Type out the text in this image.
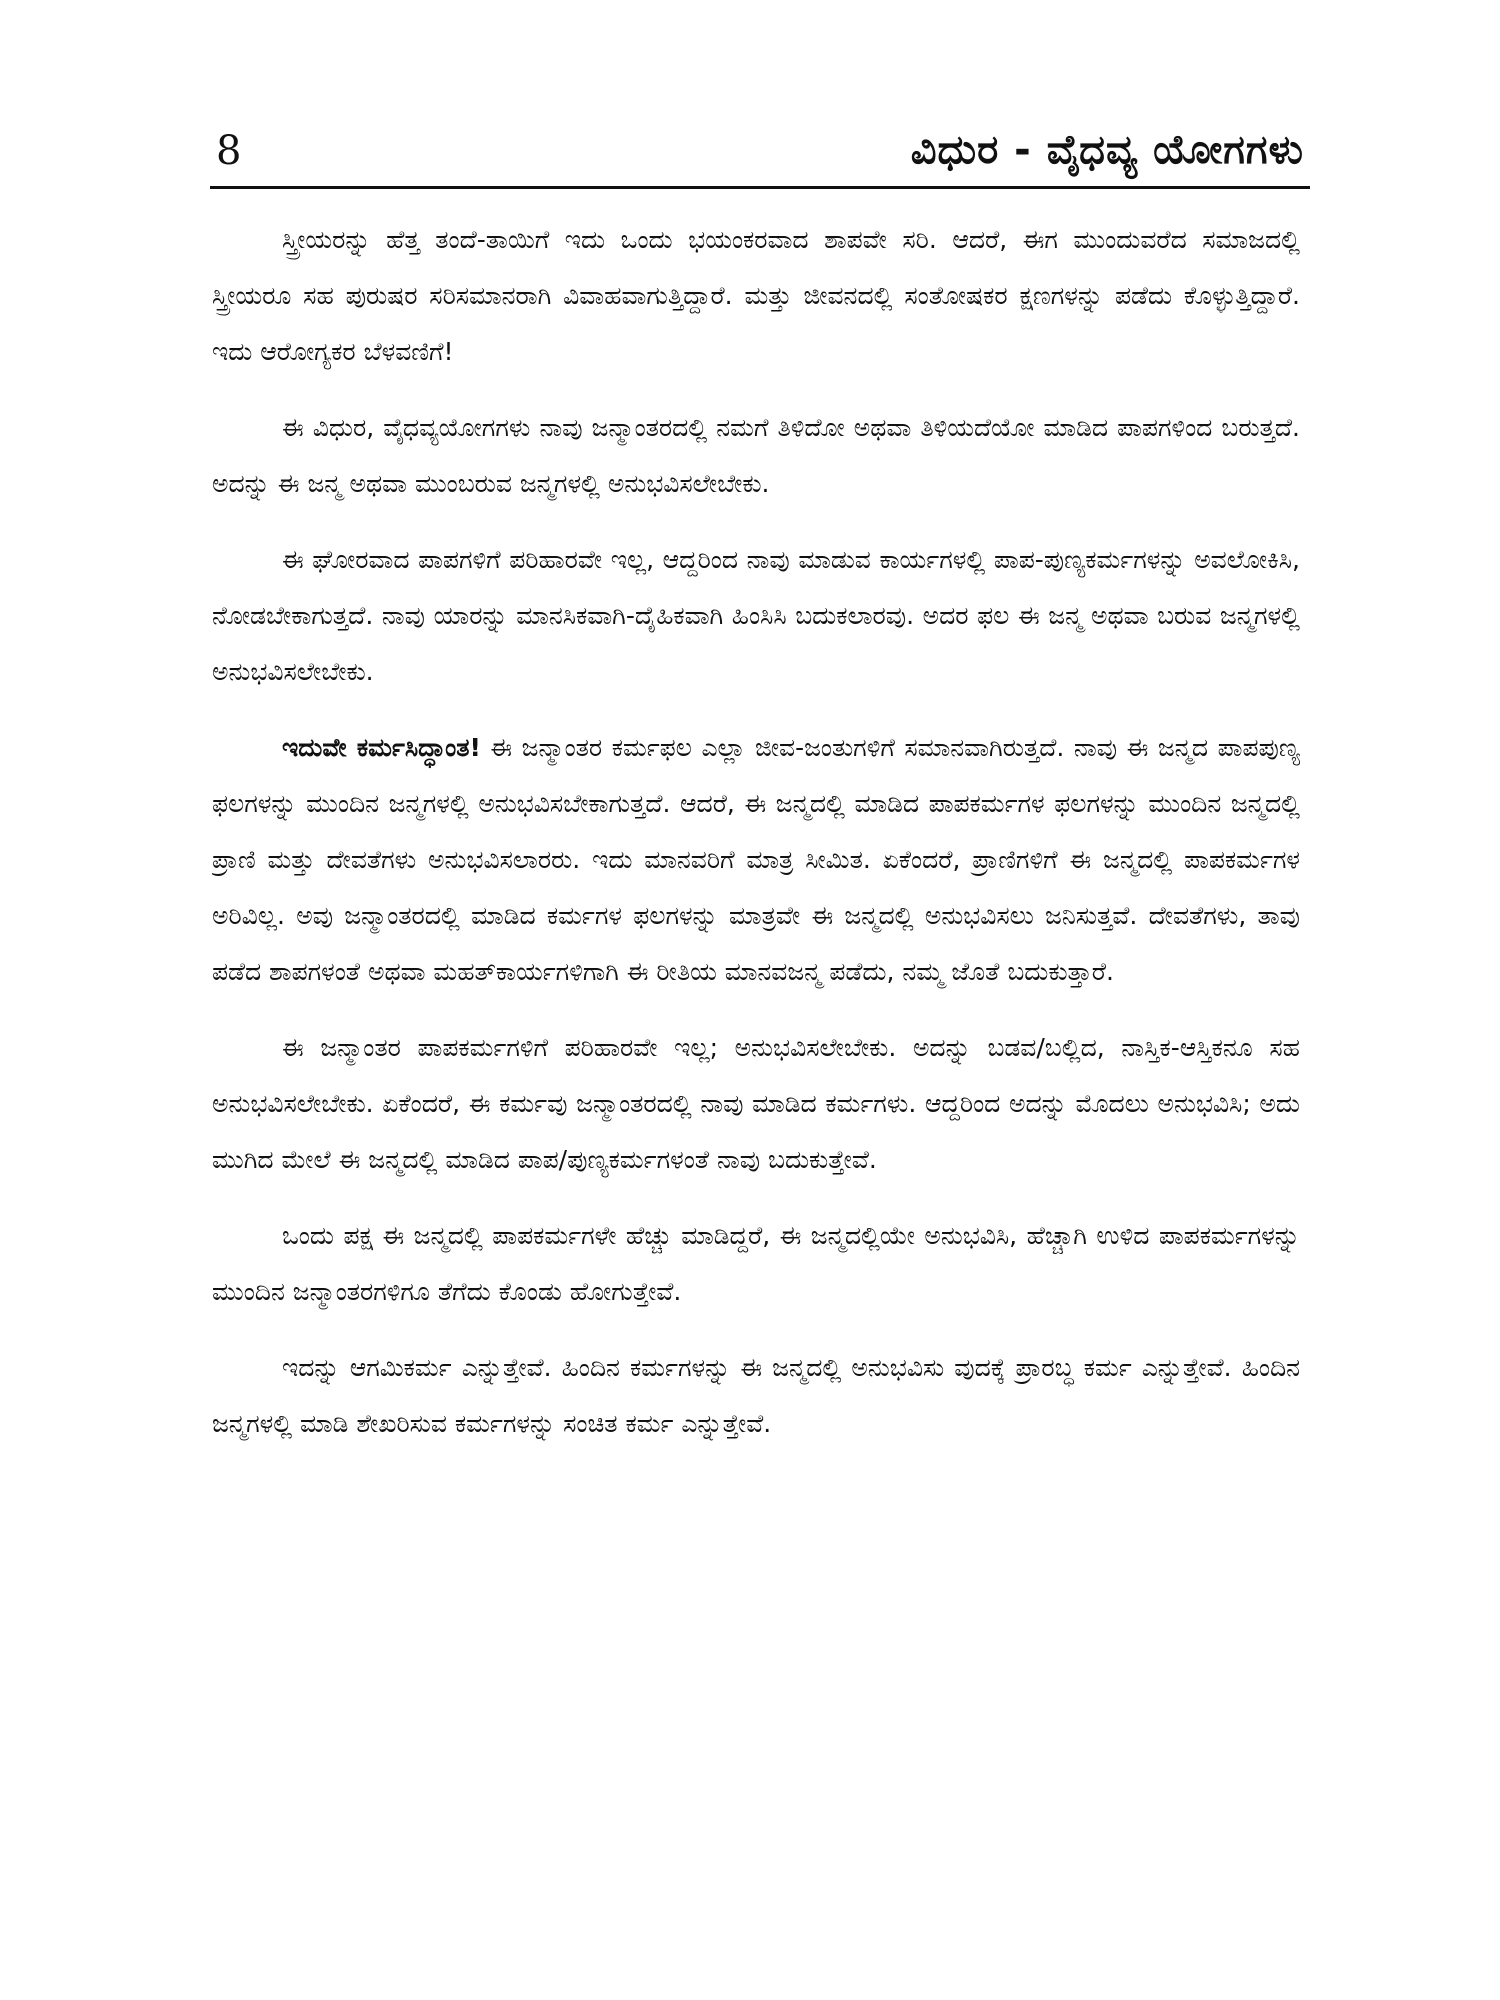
8	ವಿಧುರ - ವೈಧವ್ಯ ಯೋಗಗಳು

ಸ್ತ್ರೀಯರನ್ನು ಹೆತ್ತ ತಂದೆ-ತಾಯಿಗೆ ಇದು ಒಂದು ಭಯಂಕರವಾದ ಶಾಪವೇ ಸರಿ. ಆದರೆ, ಈಗ ಮುಂದುವರೆದ ಸಮಾಜದಲ್ಲಿ ಸ್ತ್ರೀಯರೂ ಸಹ ಪುರುಷರ ಸರಿಸಮಾನರಾಗಿ ವಿವಾಹವಾಗುತ್ತಿದ್ದಾರೆ. ಮತ್ತು ಜೀವನದಲ್ಲಿ ಸಂತೋಷಕರ ಕ್ಷಣಗಳನ್ನು ಪಡೆದು ಕೊಳ್ಳುತ್ತಿದ್ದಾರೆ. ಇದು ಆರೋಗ್ಯಕರ ಬೆಳವಣಿಗೆ!

ಈ ವಿಧುರ, ವೈಧವ್ಯಯೋಗಗಳು ನಾವು ಜನ್ಮಾಂತರದಲ್ಲಿ ನಮಗೆ ತಿಳಿದೋ ಅಥವಾ ತಿಳಿಯದೆಯೋ ಮಾಡಿದ ಪಾಪಗಳಿಂದ ಬರುತ್ತದೆ. ಅದನ್ನು ಈ ಜನ್ಮ ಅಥವಾ ಮುಂಬರುವ ಜನ್ಮಗಳಲ್ಲಿ ಅನುಭವಿಸಲೇಬೇಕು.

ಈ ಘೋರವಾದ ಪಾಪಗಳಿಗೆ ಪರಿಹಾರವೇ ಇಲ್ಲ, ಆದ್ದರಿಂದ ನಾವು ಮಾಡುವ ಕಾರ್ಯಗಳಲ್ಲಿ ಪಾಪ-ಪುಣ್ಯಕರ್ಮಗಳನ್ನು ಅವಲೋಕಿಸಿ, ನೋಡಬೇಕಾಗುತ್ತದೆ. ನಾವು ಯಾರನ್ನು ಮಾನಸಿಕವಾಗಿ-ದೈಹಿಕವಾಗಿ ಹಿಂಸಿಸಿ ಬದುಕಲಾರವು. ಅದರ ಫಲ ಈ ಜನ್ಮ ಅಥವಾ ಬರುವ ಜನ್ಮಗಳಲ್ಲಿ ಅನುಭವಿಸಲೇಬೇಕು.

ಇದುವೇ ಕರ್ಮಸಿದ್ಧಾಂತ! ಈ ಜನ್ಮಾಂತರ ಕರ್ಮಫಲ ಎಲ್ಲಾ ಜೀವ-ಜಂತುಗಳಿಗೆ ಸಮಾನವಾಗಿರುತ್ತದೆ. ನಾವು ಈ ಜನ್ಮದ ಪಾಪಪುಣ್ಯ ಫಲಗಳನ್ನು ಮುಂದಿನ ಜನ್ಮಗಳಲ್ಲಿ ಅನುಭವಿಸಬೇಕಾಗುತ್ತದೆ. ಆದರೆ, ಈ ಜನ್ಮದಲ್ಲಿ ಮಾಡಿದ ಪಾಪಕರ್ಮಗಳ ಫಲಗಳನ್ನು ಮುಂದಿನ ಜನ್ಮದಲ್ಲಿ ಪ್ರಾಣಿ ಮತ್ತು ದೇವತೆಗಳು ಅನುಭವಿಸಲಾರರು. ಇದು ಮಾನವರಿಗೆ ಮಾತ್ರ ಸೀಮಿತ. ಏಕೆಂದರೆ, ಪ್ರಾಣಿಗಳಿಗೆ ಈ ಜನ್ಮದಲ್ಲಿ ಪಾಪಕರ್ಮಗಳ ಅರಿವಿಲ್ಲ. ಅವು ಜನ್ಮಾಂತರದಲ್ಲಿ ಮಾಡಿದ ಕರ್ಮಗಳ ಫಲಗಳನ್ನು ಮಾತ್ರವೇ ಈ ಜನ್ಮದಲ್ಲಿ ಅನುಭವಿಸಲು ಜನಿಸುತ್ತವೆ. ದೇವತೆಗಳು, ತಾವು ಪಡೆದ ಶಾಪಗಳಂತೆ ಅಥವಾ ಮಹತ್‌ಕಾರ್ಯಗಳಿಗಾಗಿ ಈ ರೀತಿಯ ಮಾನವಜನ್ಮ ಪಡೆದು, ನಮ್ಮ ಜೊತೆ ಬದುಕುತ್ತಾರೆ.

ಈ ಜನ್ಮಾಂತರ ಪಾಪಕರ್ಮಗಳಿಗೆ ಪರಿಹಾರವೇ ಇಲ್ಲ; ಅನುಭವಿಸಲೇಬೇಕು. ಅದನ್ನು ಬಡವ/ಬಲ್ಲಿದ, ನಾಸ್ತಿಕ-ಆಸ್ತಿಕನೂ ಸಹ ಅನುಭವಿಸಲೇಬೇಕು. ಏಕೆಂದರೆ, ಈ ಕರ್ಮವು ಜನ್ಮಾಂತರದಲ್ಲಿ ನಾವು ಮಾಡಿದ ಕರ್ಮಗಳು. ಆದ್ದರಿಂದ ಅದನ್ನು ಮೊದಲು ಅನುಭವಿಸಿ; ಅದು ಮುಗಿದ ಮೇಲೆ ಈ ಜನ್ಮದಲ್ಲಿ ಮಾಡಿದ ಪಾಪ/ಪುಣ್ಯಕರ್ಮಗಳಂತೆ ನಾವು ಬದುಕುತ್ತೇವೆ.

ಒಂದು ಪಕ್ಷ ಈ ಜನ್ಮದಲ್ಲಿ ಪಾಪಕರ್ಮಗಳೇ ಹೆಚ್ಚು ಮಾಡಿದ್ದರೆ, ಈ ಜನ್ಮದಲ್ಲಿಯೇ ಅನುಭವಿಸಿ, ಹೆಚ್ಚಾಗಿ ಉಳಿದ ಪಾಪಕರ್ಮಗಳನ್ನು ಮುಂದಿನ ಜನ್ಮಾಂತರಗಳಿಗೂ ತೆಗೆದು ಕೊಂಡು ಹೋಗುತ್ತೇವೆ.

ಇದನ್ನು ಆಗಮಿಕರ್ಮ ಎನ್ನುತ್ತೇವೆ. ಹಿಂದಿನ ಕರ್ಮಗಳನ್ನು ಈ ಜನ್ಮದಲ್ಲಿ ಅನುಭವಿಸು ವುದಕ್ಕೆ ಪ್ರಾರಬ್ಧ ಕರ್ಮ ಎನ್ನುತ್ತೇವೆ. ಹಿಂದಿನ ಜನ್ಮಗಳಲ್ಲಿ ಮಾಡಿ ಶೇಖರಿಸುವ ಕರ್ಮಗಳನ್ನು ಸಂಚಿತ ಕರ್ಮ ಎನ್ನುತ್ತೇವೆ.
